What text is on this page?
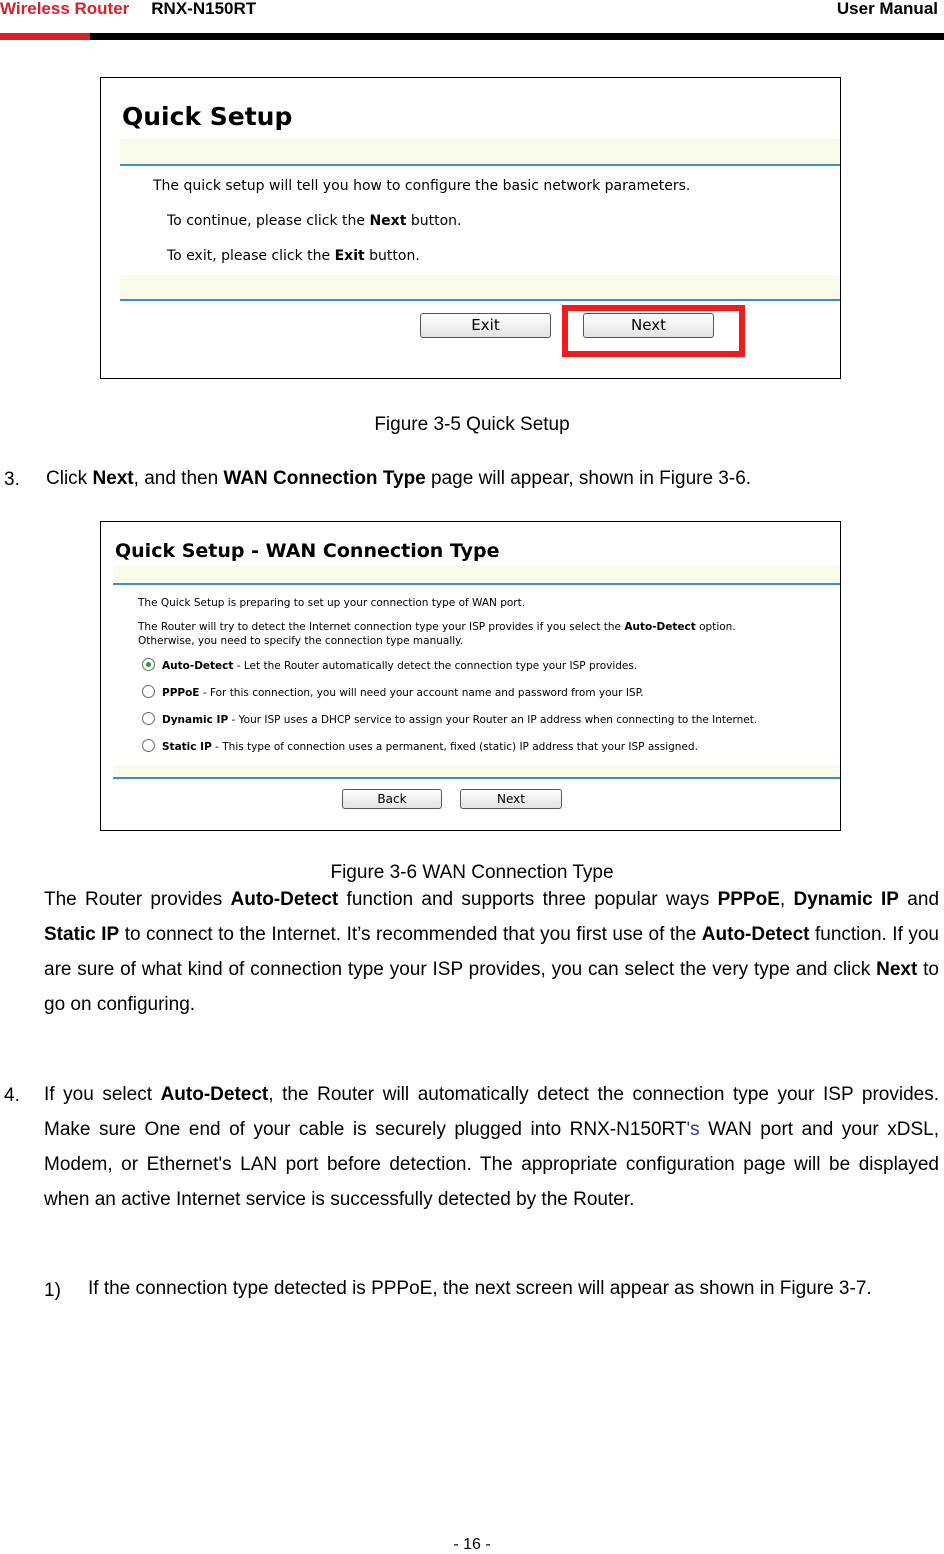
Wireless Router RNX-N150RT	User Manual
Quick Setup
The quick setup will tell you how to configure the basic network parameters.
To continue, please click the Next button.
To exit, please click the Exit button.
Exit	Next
Figure 3-5 Quick Setup
3. Click Next, and then WAN Connection Type page will appear, shown in Figure 3-6.
Quick Setup - WAN Connection Type
The Quick Setup is preparing to set up your connection type of WAN port.
The Router will try to detect the Internet connection type your ISP provides if you select the Auto-Detect option.
Otherwise, you need to specify the connection type manually.
Auto-Detect - Let the Router automatically detect the connection type your ISP provides.
PPPoE - For this connection, you will need your account name and password from your ISP.
Dynamic IP - Your ISP uses a DHCP service to assign your Router an IP address when connecting to the Internet.
Static IP - This type of connection uses a permanent, fixed (static) IP address that your ISP assigned.
Back	Next
Figure 3-6 WAN Connection Type
The Router provides Auto-Detect function and supports three popular ways PPPoE, Dynamic IP and Static IP to connect to the Internet. It’s recommended that you first use of the Auto-Detect function. If you are sure of what kind of connection type your ISP provides, you can select the very type and click Next to go on configuring.
4. If you select Auto-Detect, the Router will automatically detect the connection type your ISP provides. Make sure One end of your cable is securely plugged into RNX-N150RT's WAN port and your xDSL, Modem, or Ethernet's LAN port before detection. The appropriate configuration page will be displayed when an active Internet service is successfully detected by the Router.
1) If the connection type detected is PPPoE, the next screen will appear as shown in Figure 3-7.
- 16 -
